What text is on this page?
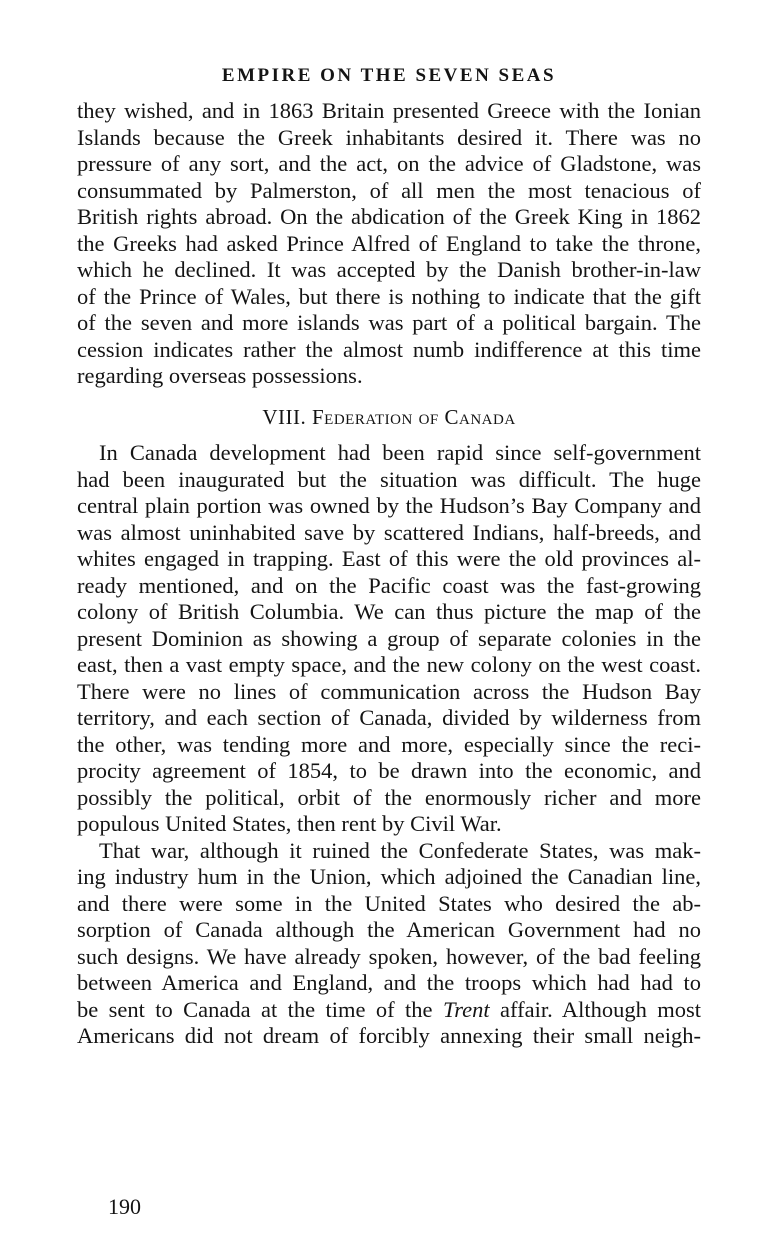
EMPIRE ON THE SEVEN SEAS
they wished, and in 1863 Britain presented Greece with the Ionian
Islands because the Greek inhabitants desired it. There was no
pressure of any sort, and the act, on the advice of Gladstone, was
consummated by Palmerston, of all men the most tenacious of
British rights abroad. On the abdication of the Greek King in 1862
the Greeks had asked Prince Alfred of England to take the throne,
which he declined. It was accepted by the Danish brother-in-law
of the Prince of Wales, but there is nothing to indicate that the gift
of the seven and more islands was part of a political bargain. The
cession indicates rather the almost numb indifference at this time
regarding overseas possessions.
VIII. Federation of Canada
In Canada development had been rapid since self-government
had been inaugurated but the situation was difficult. The huge
central plain portion was owned by the Hudson’s Bay Company and
was almost uninhabited save by scattered Indians, half-breeds, and
whites engaged in trapping. East of this were the old provinces al-
ready mentioned, and on the Pacific coast was the fast-growing
colony of British Columbia. We can thus picture the map of the
present Dominion as showing a group of separate colonies in the
east, then a vast empty space, and the new colony on the west coast.
There were no lines of communication across the Hudson Bay
territory, and each section of Canada, divided by wilderness from
the other, was tending more and more, especially since the reci-
procity agreement of 1854, to be drawn into the economic, and
possibly the political, orbit of the enormously richer and more
populous United States, then rent by Civil War.
That war, although it ruined the Confederate States, was mak-
ing industry hum in the Union, which adjoined the Canadian line,
and there were some in the United States who desired the ab-
sorption of Canada although the American Government had no
such designs. We have already spoken, however, of the bad feeling
between America and England, and the troops which had had to
be sent to Canada at the time of the Trent affair. Although most
Americans did not dream of forcibly annexing their small neigh-
190
